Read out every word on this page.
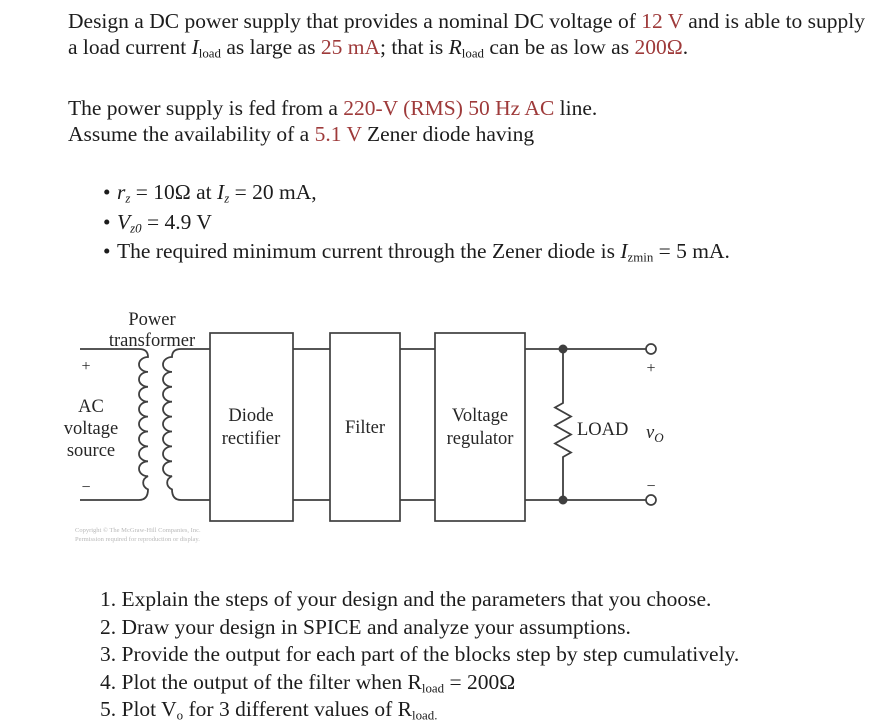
Design a DC power supply that provides a nominal DC voltage of 12 V and is able to supply
a load current $I_{load}$ as large as 25 mA; that is $R_{load}$ can be as low as 200Ω.
The power supply is fed from a 220-V (RMS) 50 Hz AC line.
Assume the availability of a 5.1 V Zener diode having
• $r_z = 10\Omega$ at $I_z = 20$ mA,
• $V_{z0} = 4.9$ V
• The required minimum current through the Zener diode is $I_{zmin} = 5$ mA.
Power
transformer
+
−
AC
voltage
source
Diode
rectifier
Filter
Voltage
regulator	LOAD $v_O$
+
−
Copyright © The McGraw-Hill Companies, Inc.
Permission required for reproduction or display.
1. Explain the steps of your design and the parameters that you choose.
2. Draw your design in SPICE and analyze your assumptions.
3. Provide the output for each part of the blocks step by step cumulatively.
4. Plot the output of the filter when $R_{load} = 200\Omega$
5. Plot $V_o$ for 3 different values of $R_{load.}$
